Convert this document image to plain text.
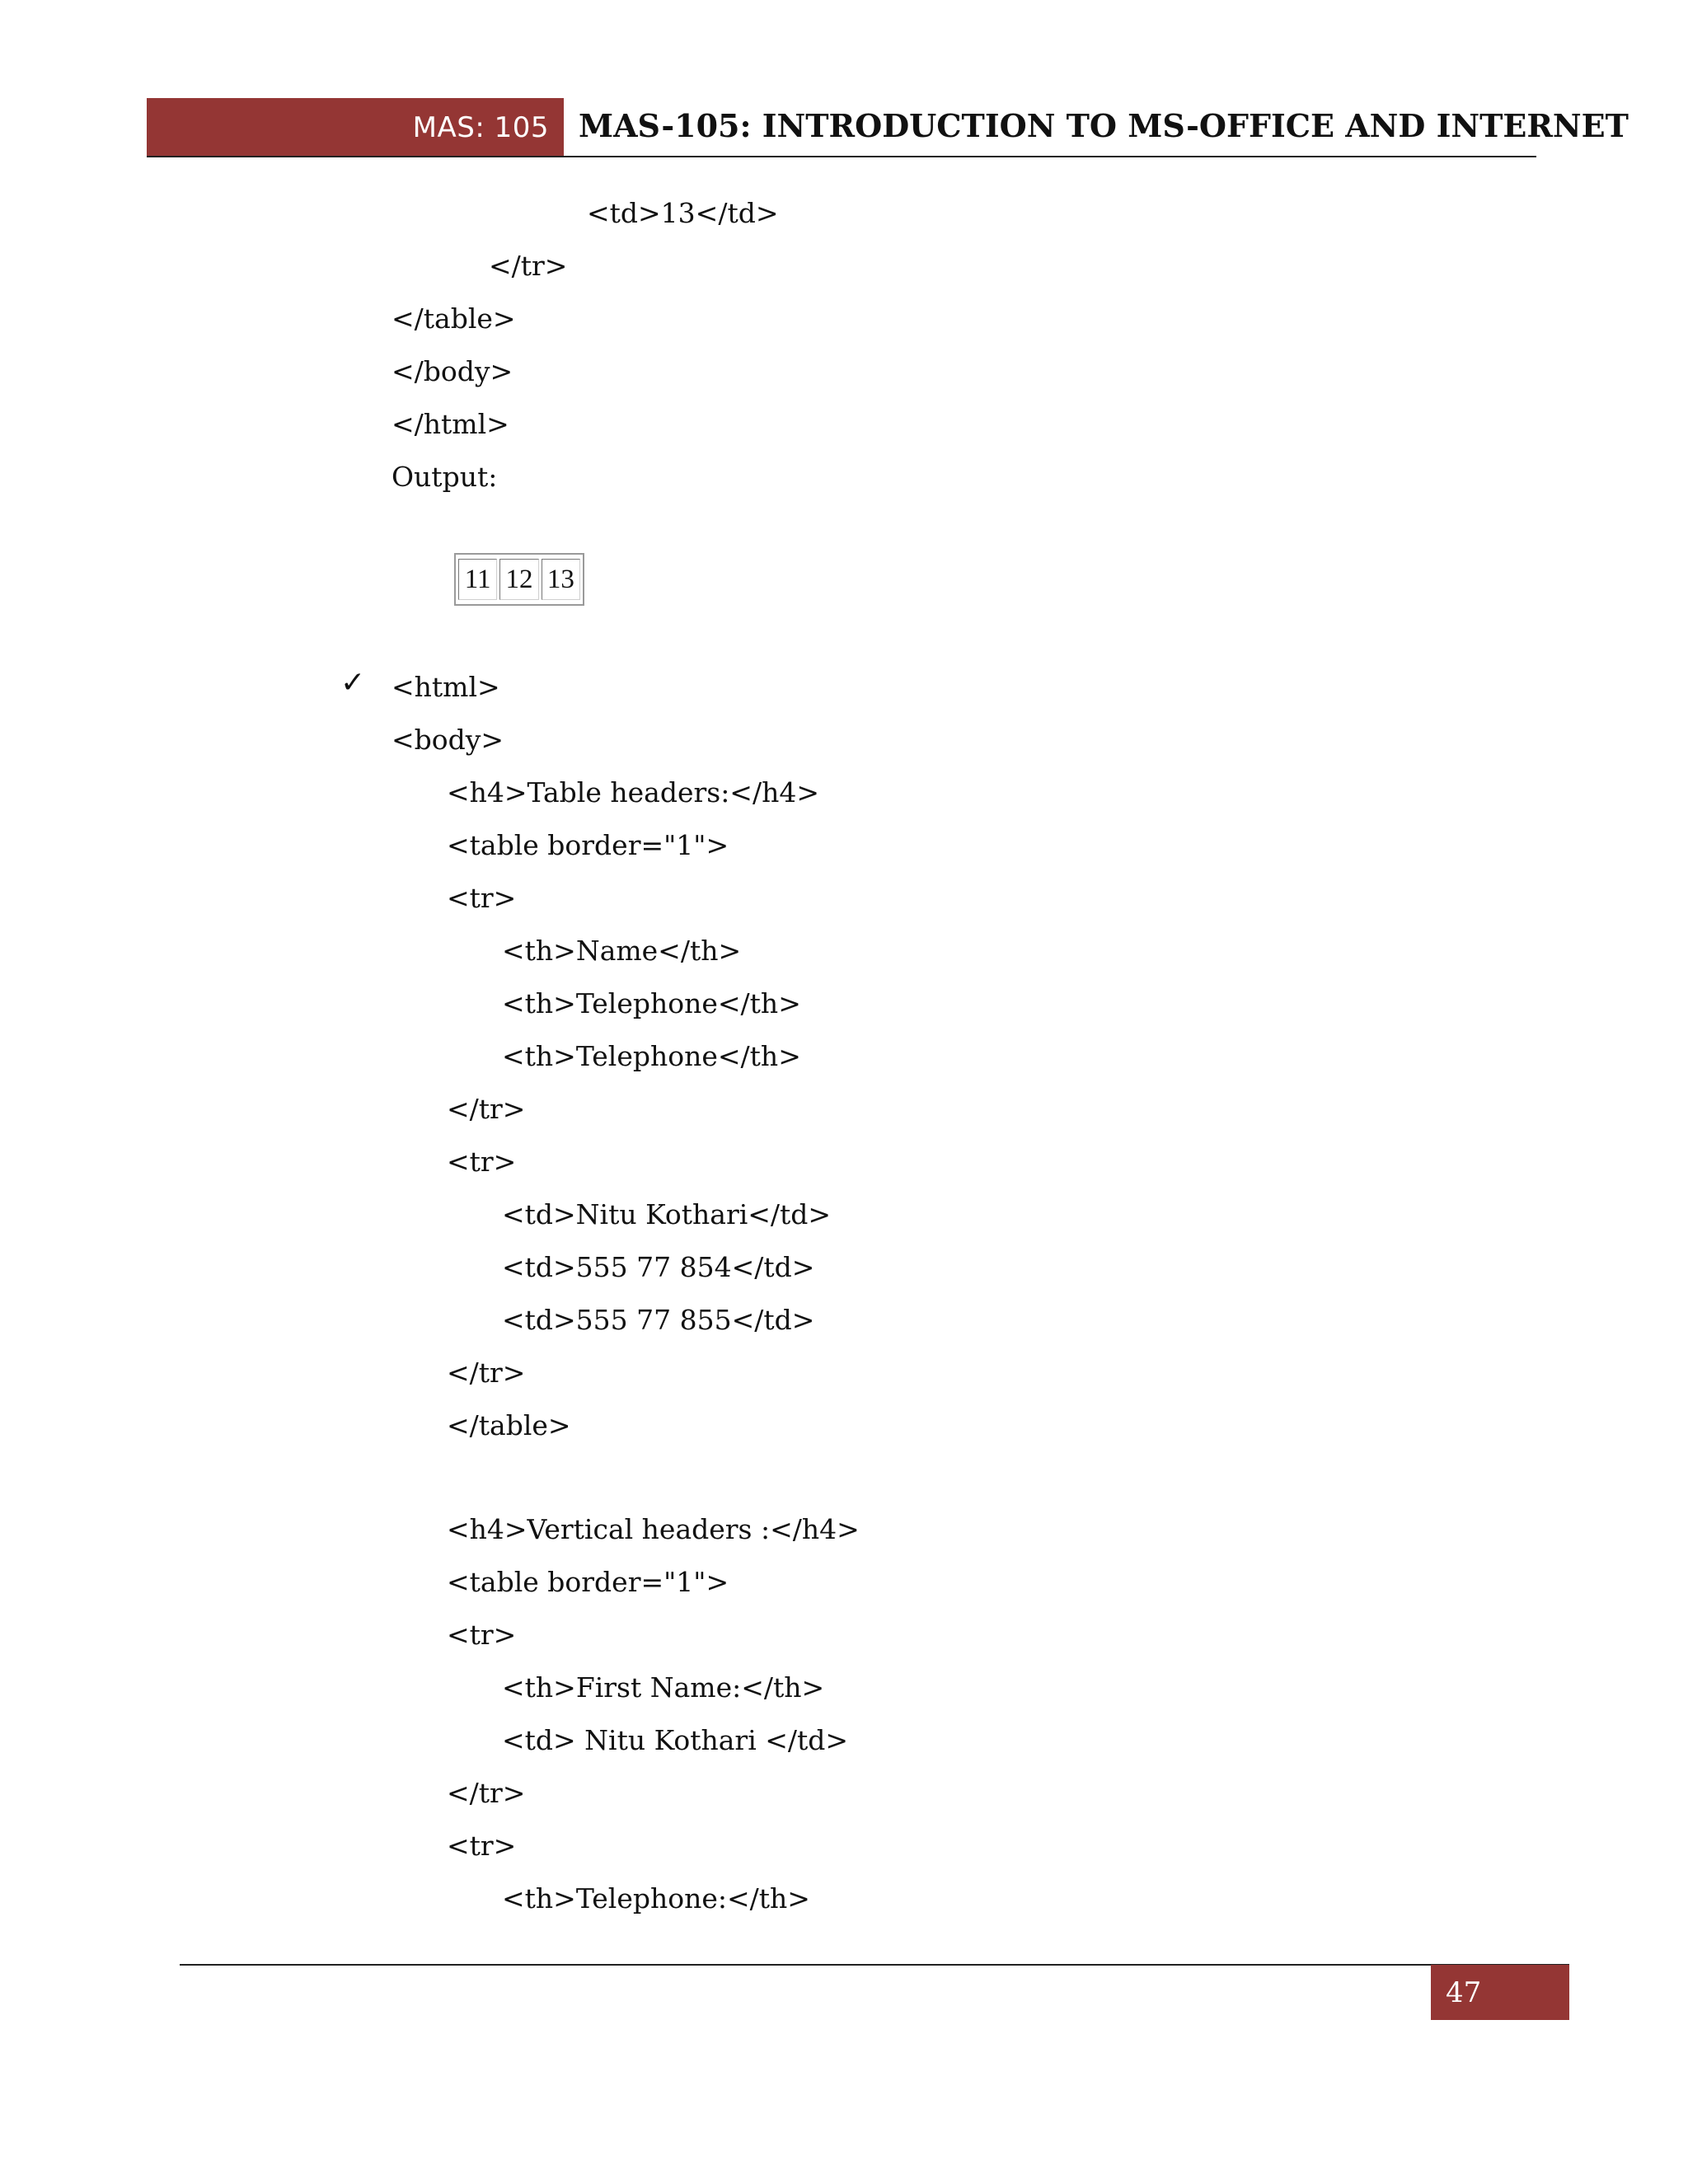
MAS: 105 MAS-105: INTRODUCTION TO MS-OFFICE AND INTERNET
<td>13</td>
</tr>
</table>
</body>
</html>
Output:
11 12 13
✓ <html>
<body>
<h4>Table headers:</h4>
<table border="1">
<tr>
<th>Name</th>
<th>Telephone</th>
<th>Telephone</th>
</tr>
<tr>
<td>Nitu Kothari</td>
<td>555 77 854</td>
<td>555 77 855</td>
</tr>
</table>
<h4>Vertical headers :</h4>
<table border="1">
<tr>
<th>First Name:</th>
<td> Nitu Kothari </td>
</tr>
<tr>
<th>Telephone:</th>
47
